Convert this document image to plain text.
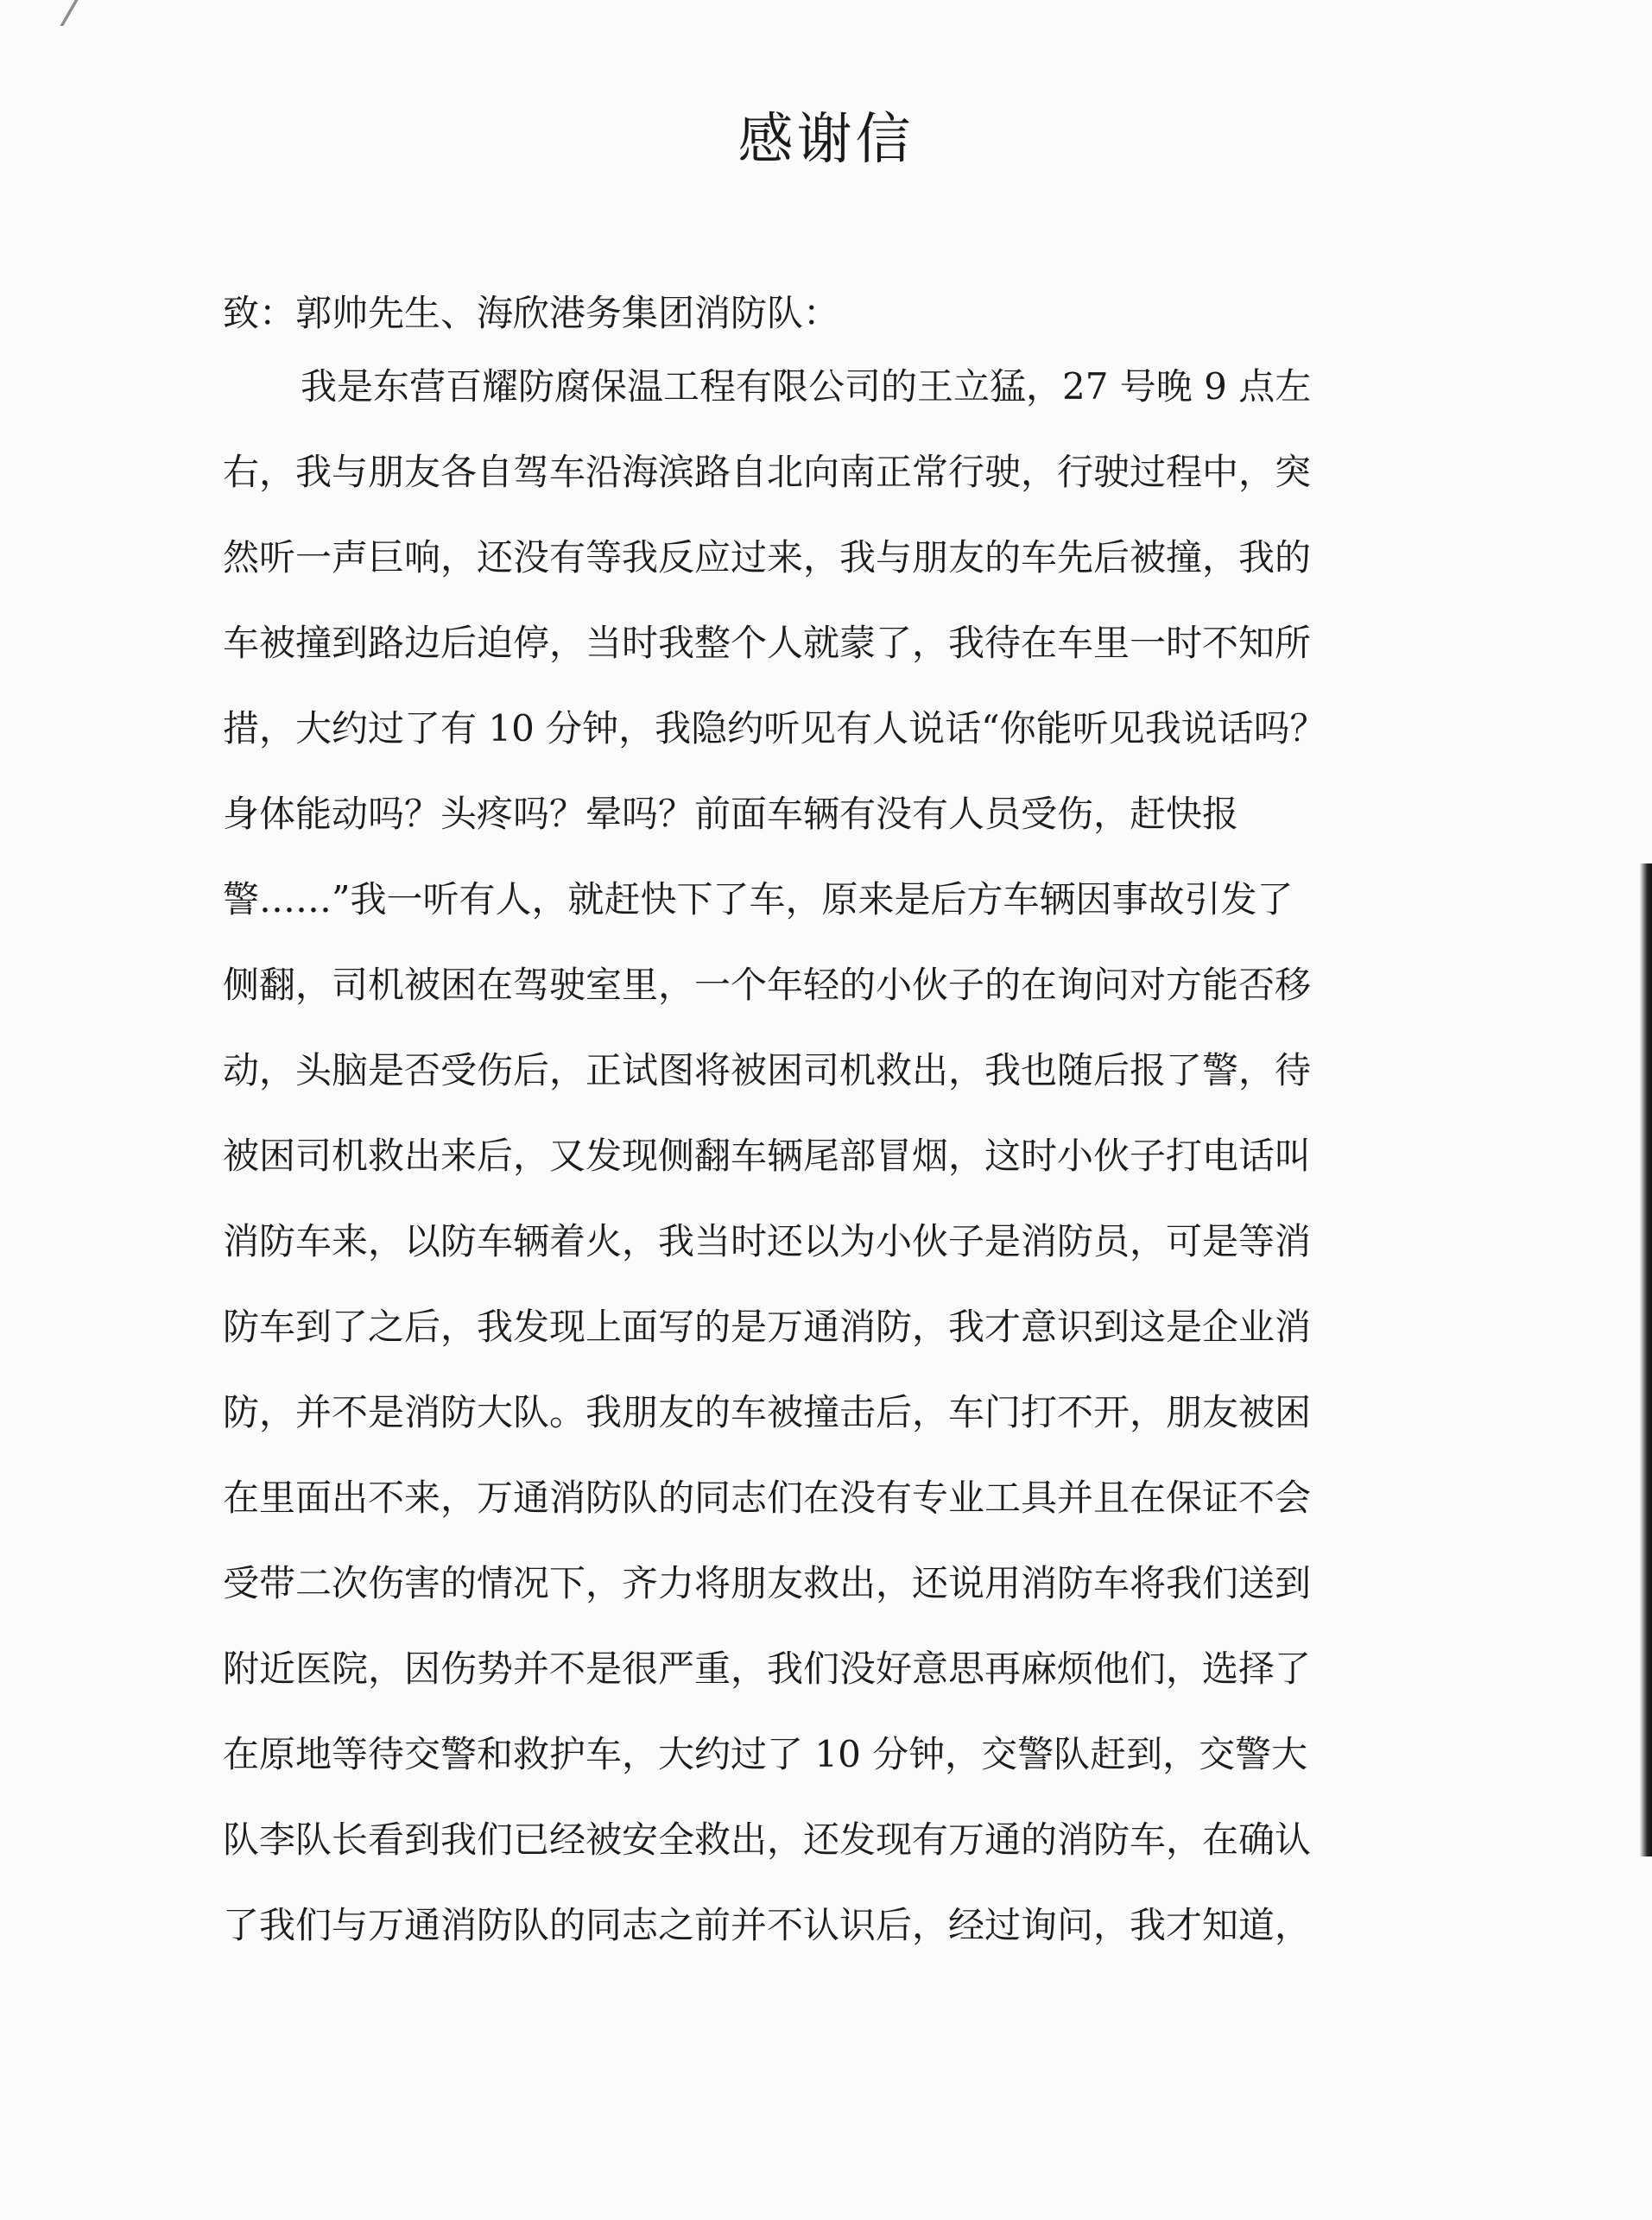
感谢信

致：郭帅先生、海欣港务集团消防队：

我是东营百耀防腐保温工程有限公司的王立猛，27 号晚 9 点左
右，我与朋友各自驾车沿海滨路自北向南正常行驶，行驶过程中，突
然听一声巨响，还没有等我反应过来，我与朋友的车先后被撞，我的
车被撞到路边后迫停，当时我整个人就蒙了，我待在车里一时不知所
措，大约过了有 10 分钟，我隐约听见有人说话“你能听见我说话吗？
身体能动吗？头疼吗？晕吗？前面车辆有没有人员受伤，赶快报
警……”我一听有人，就赶快下了车，原来是后方车辆因事故引发了
侧翻，司机被困在驾驶室里，一个年轻的小伙子的在询问对方能否移
动，头脑是否受伤后，正试图将被困司机救出，我也随后报了警，待
被困司机救出来后，又发现侧翻车辆尾部冒烟，这时小伙子打电话叫
消防车来，以防车辆着火，我当时还以为小伙子是消防员，可是等消
防车到了之后，我发现上面写的是万通消防，我才意识到这是企业消
防，并不是消防大队。我朋友的车被撞击后，车门打不开，朋友被困
在里面出不来，万通消防队的同志们在没有专业工具并且在保证不会
受带二次伤害的情况下，齐力将朋友救出，还说用消防车将我们送到
附近医院，因伤势并不是很严重，我们没好意思再麻烦他们，选择了
在原地等待交警和救护车，大约过了 10 分钟，交警队赶到，交警大
队李队长看到我们已经被安全救出，还发现有万通的消防车，在确认
了我们与万通消防队的同志之前并不认识后，经过询问，我才知道，
